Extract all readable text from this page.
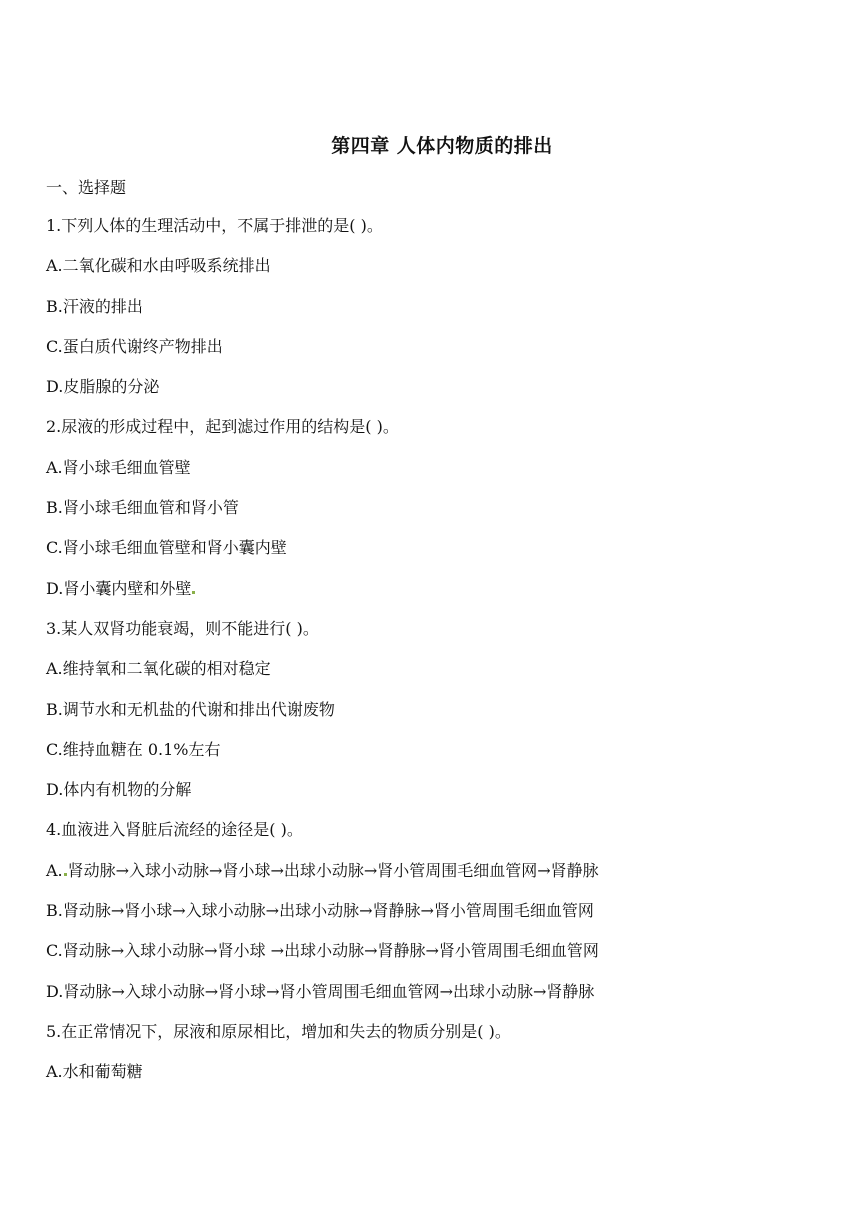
第四章 人体内物质的排出
一、选择题
1.下列人体的生理活动中，不属于排泄的是( )。
A.二氧化碳和水由呼吸系统排出
B.汗液的排出
C.蛋白质代谢终产物排出
D.皮脂腺的分泌
2.尿液的形成过程中，起到滤过作用的结构是( )。
A.肾小球毛细血管壁
B.肾小球毛细血管和肾小管
C.肾小球毛细血管壁和肾小囊内壁
D.肾小囊内壁和外壁
3.某人双肾功能衰竭，则不能进行( )。
A.维持氧和二氧化碳的相对稳定
B.调节水和无机盐的代谢和排出代谢废物
C.维持血糖在 0.1%左右
D.体内有机物的分解
4.血液进入肾脏后流经的途径是( )。
A. 肾动脉→入球小动脉→肾小球→出球小动脉→肾小管周围毛细血管网→肾静脉
B.肾动脉→肾小球→入球小动脉→出球小动脉→肾静脉→肾小管周围毛细血管网
C.肾动脉→入球小动脉→肾小球 →出球小动脉→肾静脉→肾小管周围毛细血管网
D.肾动脉→入球小动脉→肾小球→肾小管周围毛细血管网→出球小动脉→肾静脉
5.在正常情况下，尿液和原尿相比，增加和失去的物质分别是( )。
A.水和葡萄糖
